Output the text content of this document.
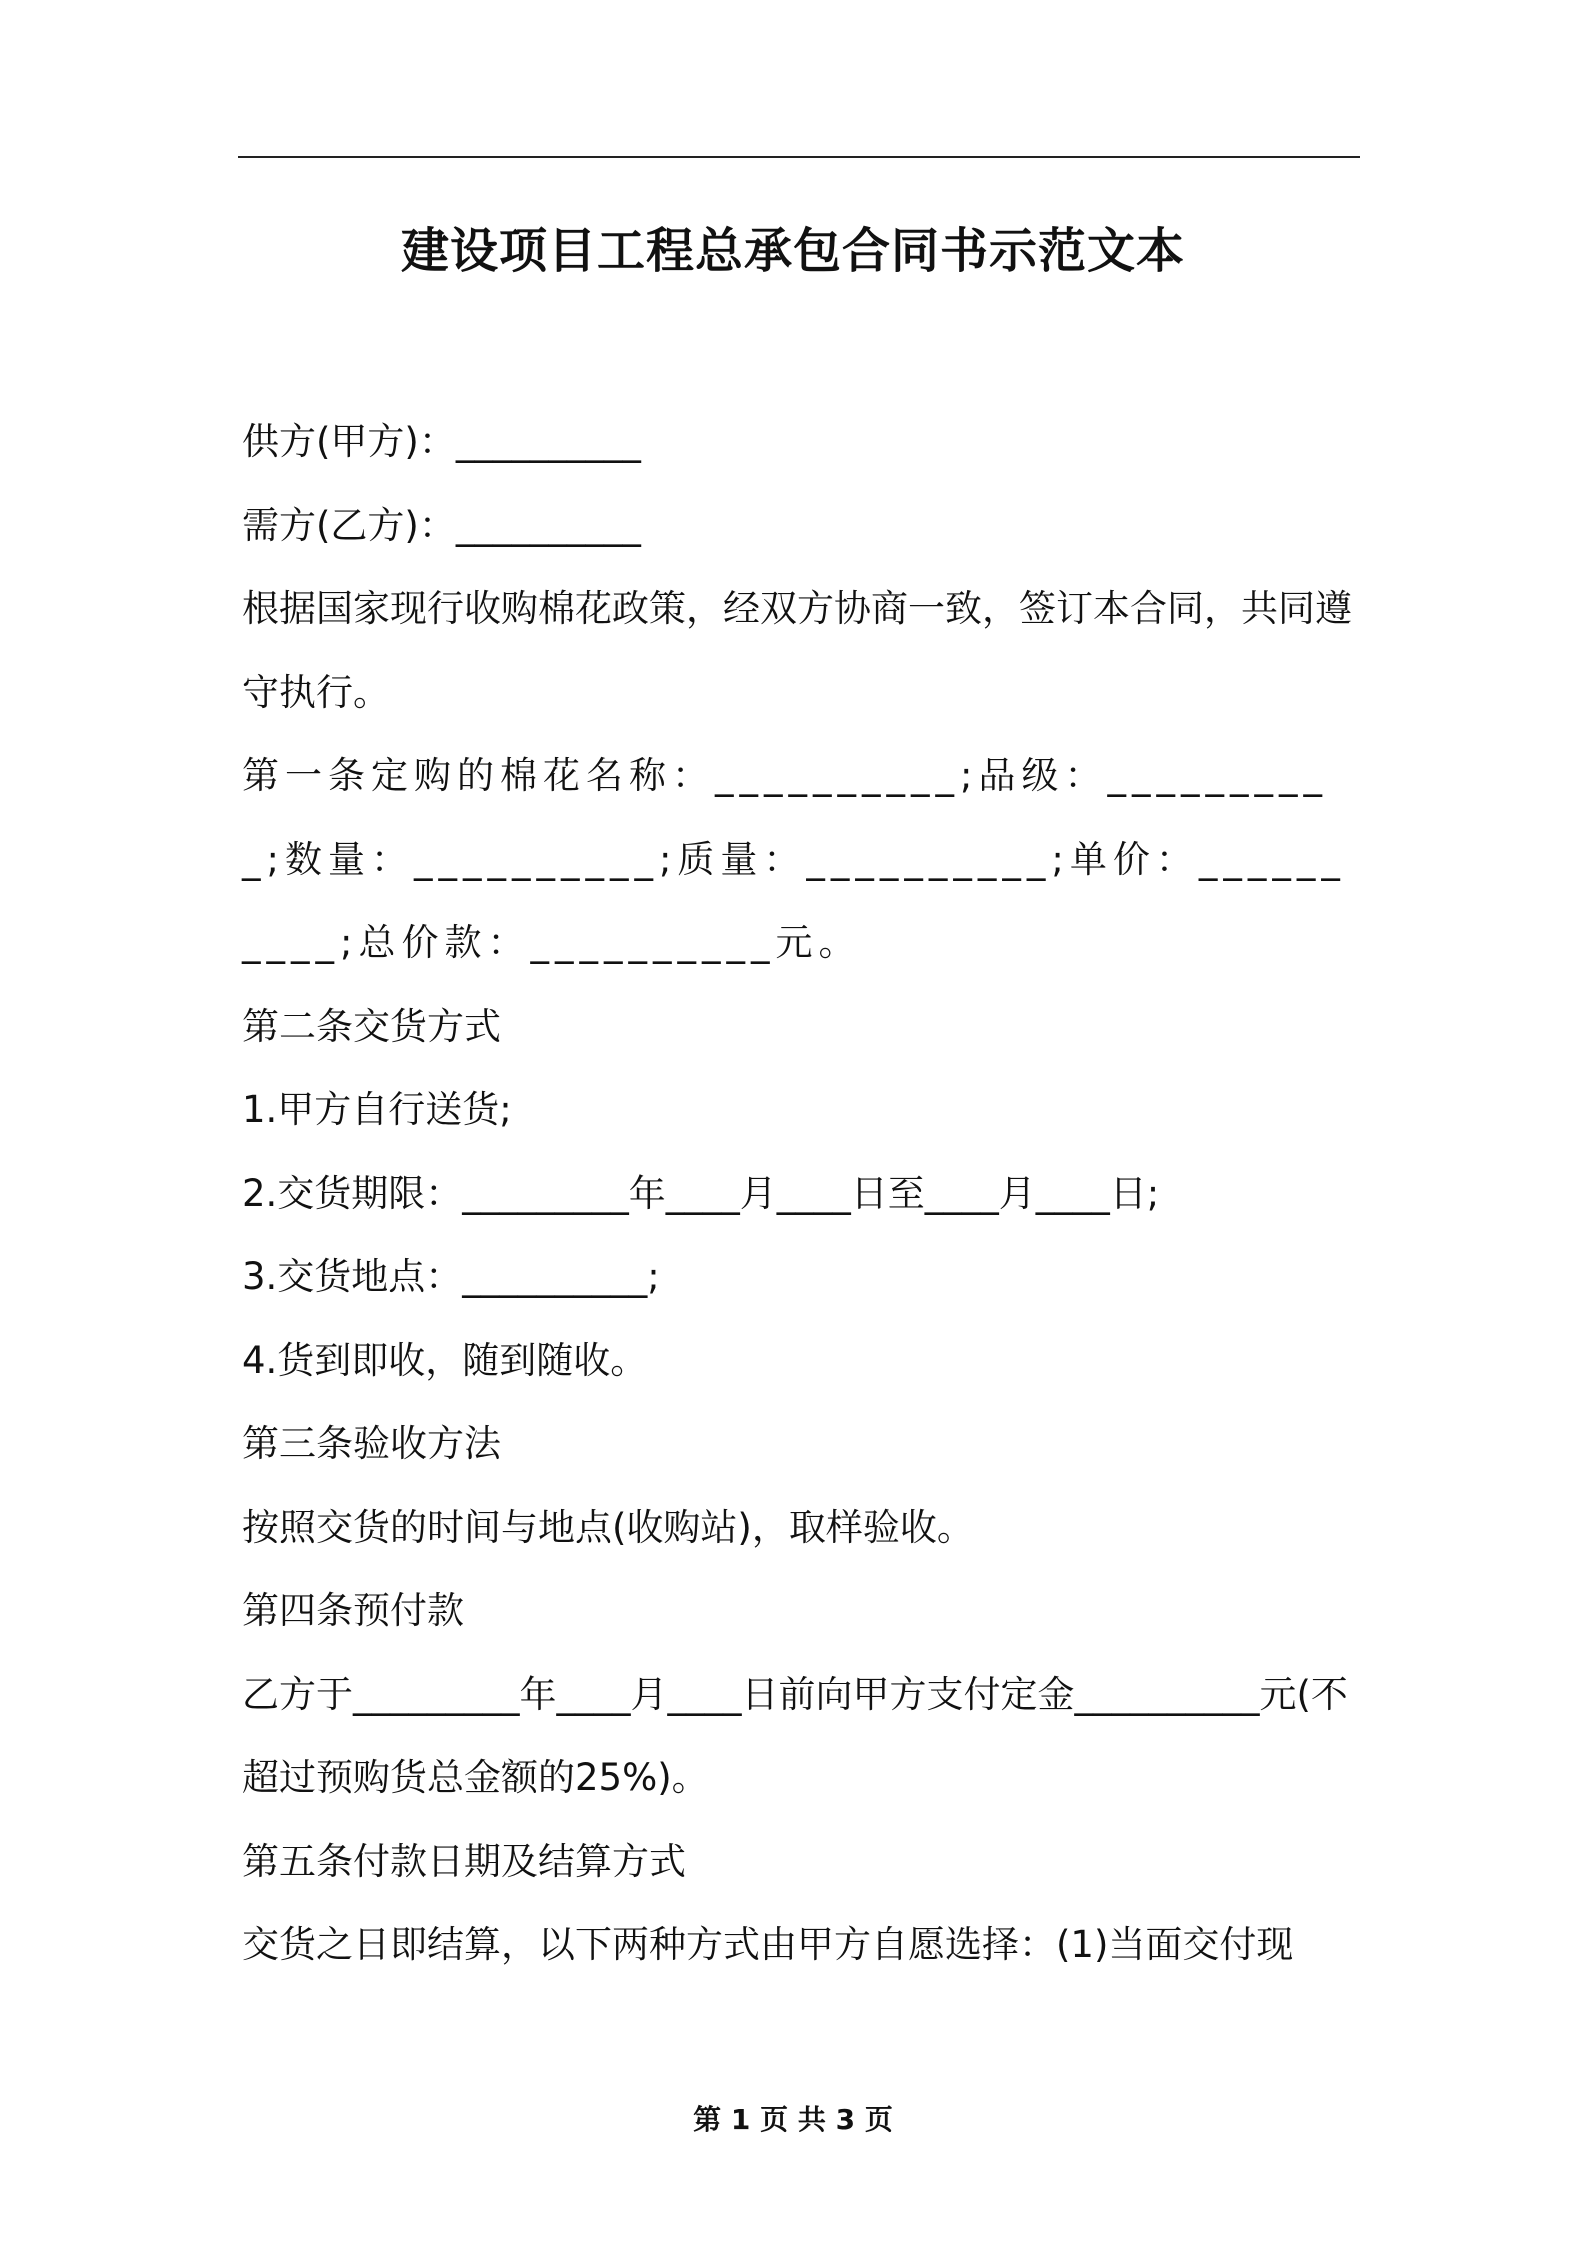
建设项目工程总承包合同书示范文本

供方(甲方)：__________

需方(乙方)：__________

根据国家现行收购棉花政策，经双方协商一致，签订本合同，共同遵守执行。

第一条定购的棉花名称：__________;品级：__________;数量：__________;质量：__________;单价：__________;总价款：__________元。

第二条交货方式

1.甲方自行送货;

2.交货期限：_________年____月____日至____月____日;

3.交货地点：__________;

4.货到即收，随到随收。

第三条验收方法

按照交货的时间与地点(收购站)，取样验收。

第四条预付款

乙方于_________年____月____日前向甲方支付定金__________元(不超过预购货总金额的25%)。

第五条付款日期及结算方式

交货之日即结算，以下两种方式由甲方自愿选择：(1)当面交付现

第 1 页 共 3 页
